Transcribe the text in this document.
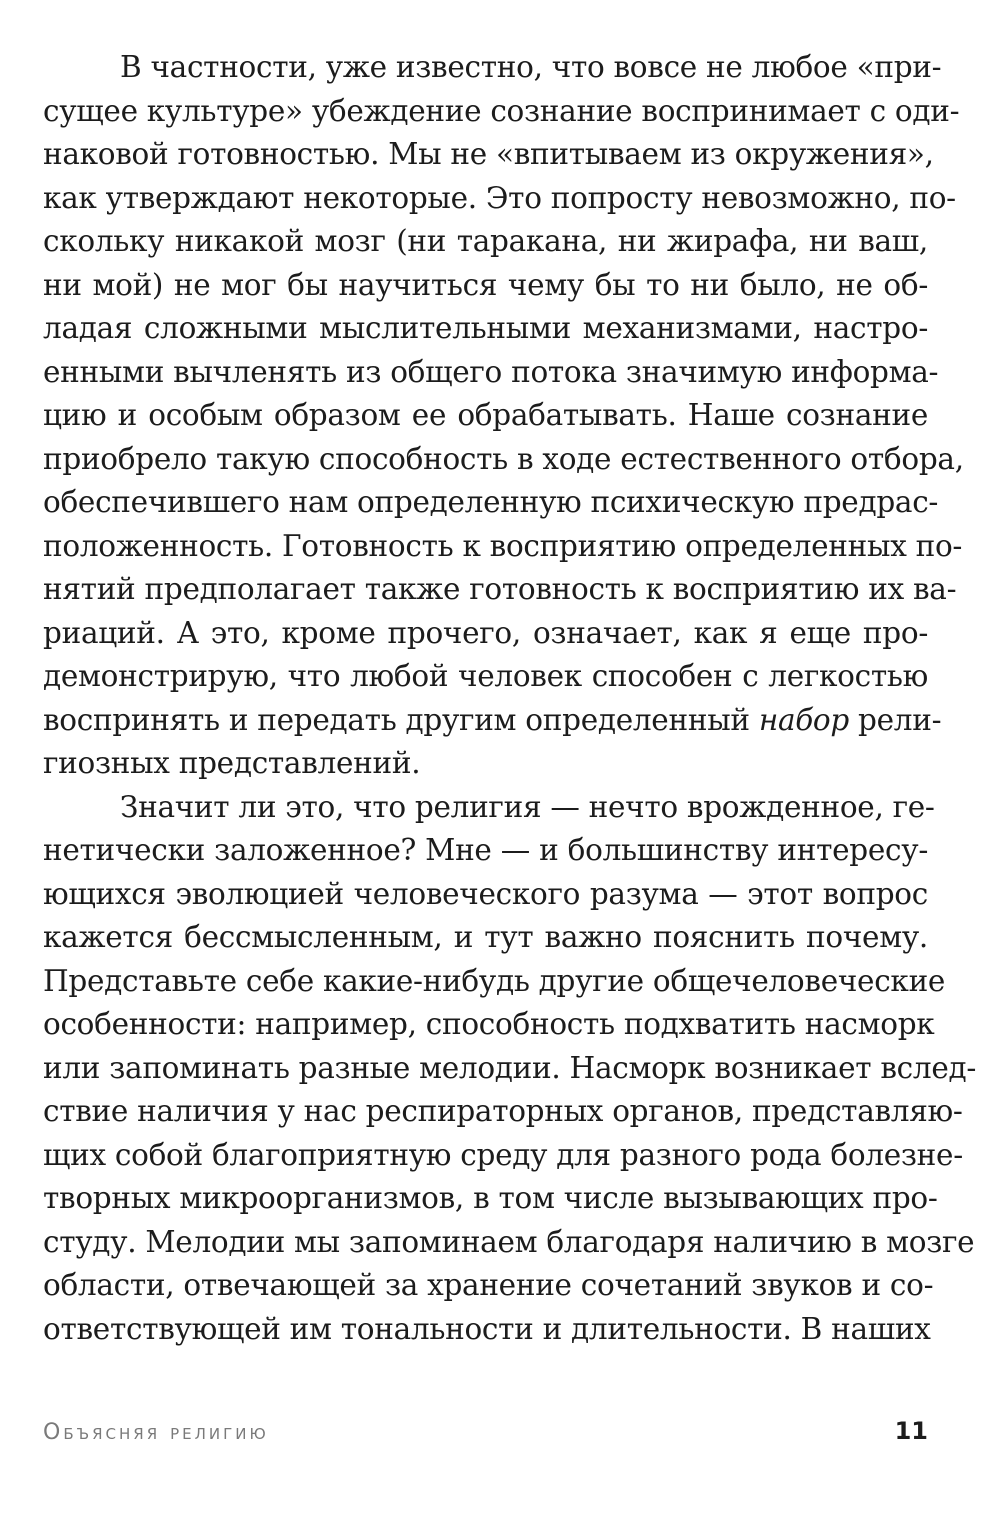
В частности, уже известно, что вовсе не любое «при-
сущее культуре» убеждение сознание воспринимает с оди-
наковой готовностью. Мы не «впитываем из окружения»,
как утверждают некоторые. Это попросту невозможно, по-
скольку никакой мозг (ни таракана, ни жирафа, ни ваш,
ни мой) не мог бы научиться чему бы то ни было, не об-
ладая сложными мыслительными механизмами, настро-
енными вычленять из общего потока значимую информа-
цию и особым образом ее обрабатывать. Наше сознание
приобрело такую способность в ходе естественного отбора,
обеспечившего нам определенную психическую предрас-
положенность. Готовность к восприятию определенных по-
нятий предполагает также готовность к восприятию их ва-
риаций. А это, кроме прочего, означает, как я еще про-
демонстрирую, что любой человек способен с легкостью
воспринять и передать другим определенный набор рели-
гиозных представлений.
Значит ли это, что религия — нечто врожденное, ге-
нетически заложенное? Мне — и большинству интересу-
ющихся эволюцией человеческого разума — этот вопрос
кажется бессмысленным, и тут важно пояснить почему.
Представьте себе какие-нибудь другие общечеловеческие
особенности: например, способность подхватить насморк
или запоминать разные мелодии. Насморк возникает вслед-
ствие наличия у нас респираторных органов, представляю-
щих собой благоприятную среду для разного рода болезне-
творных микроорганизмов, в том числе вызывающих про-
студу. Мелодии мы запоминаем благодаря наличию в мозге
области, отвечающей за хранение сочетаний звуков и со-
ответствующей им тональности и длительности. В наших
Объясняя религию	11
